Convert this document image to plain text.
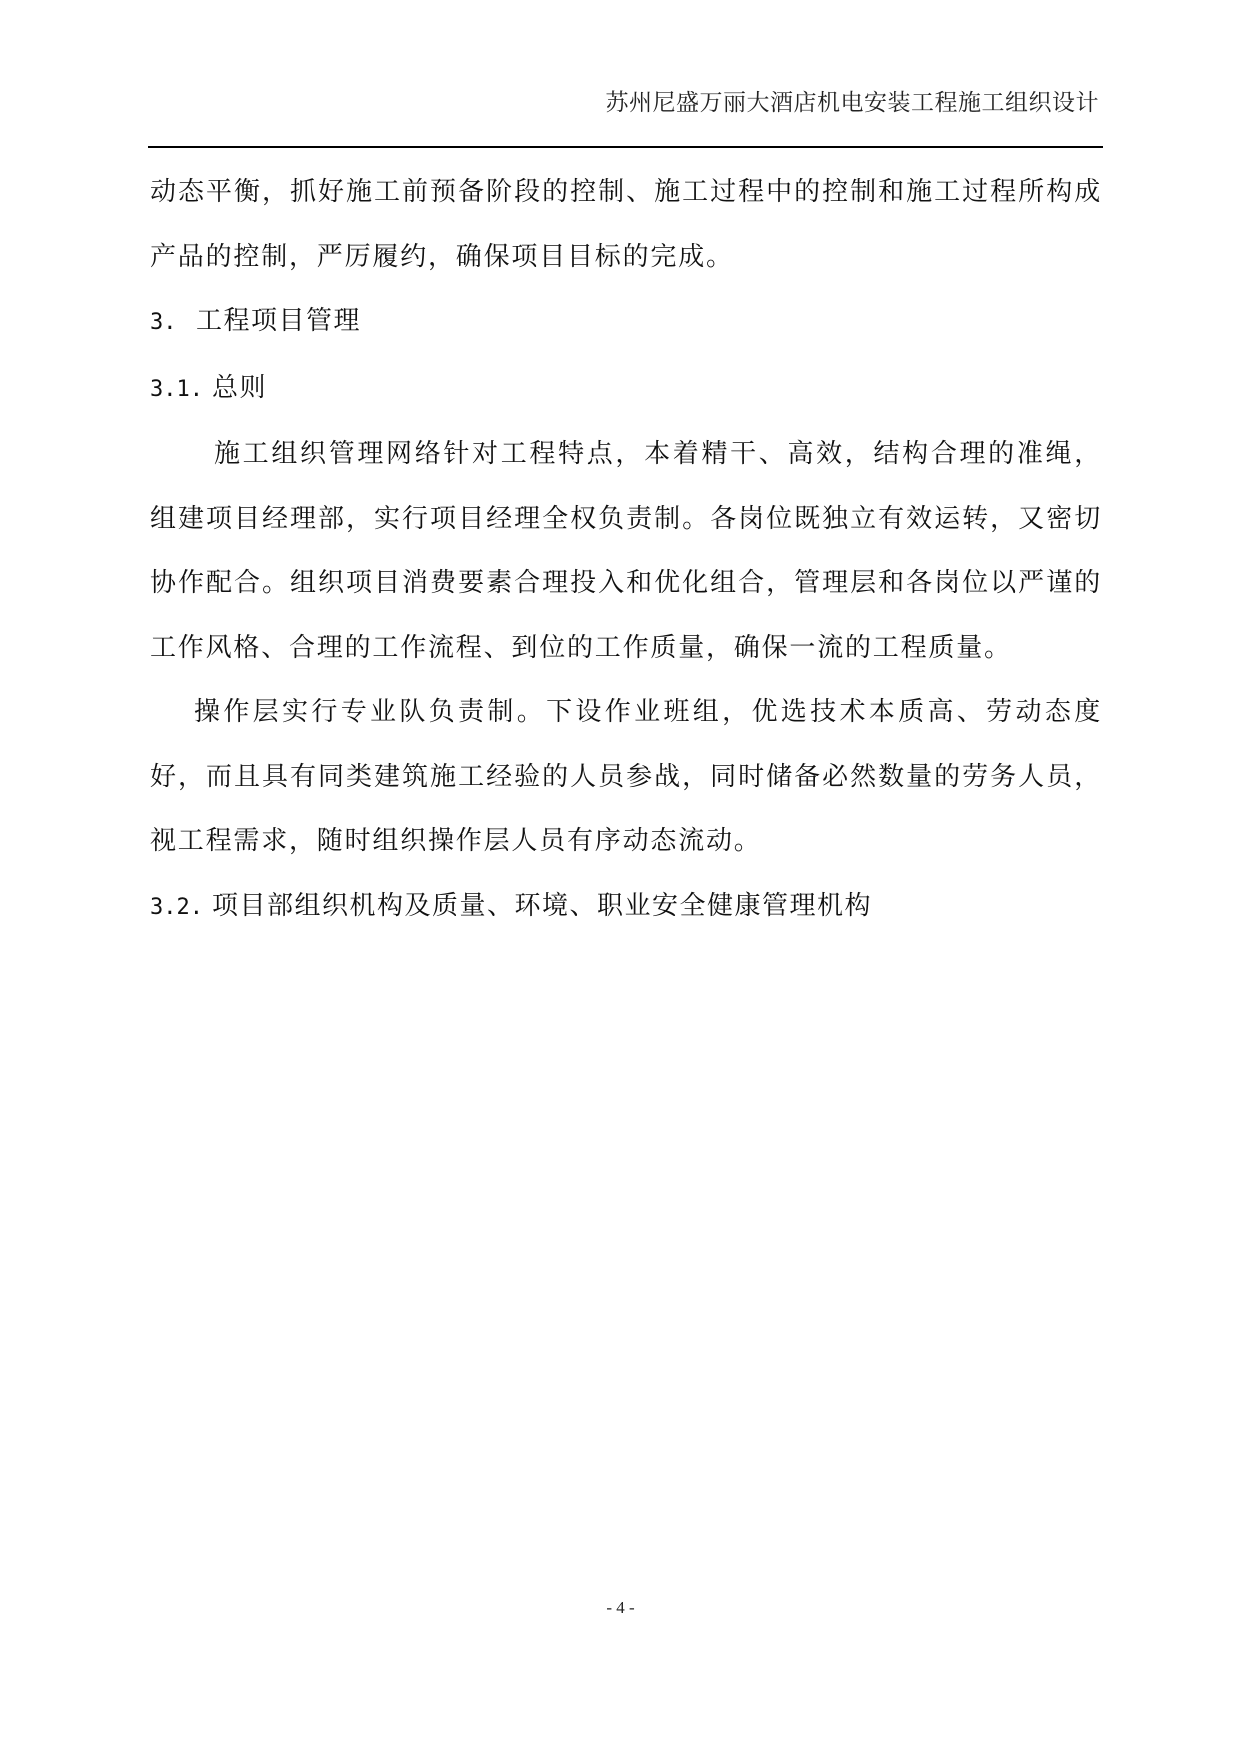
苏州尼盛万丽大酒店机电安装工程施工组织设计

动态平衡，抓好施工前预备阶段的控制、施工过程中的控制和施工过程所构成产品的控制，严厉履约，确保项目目标的完成。

3. 工程项目管理
3.1. 总则

施工组织管理网络针对工程特点，本着精干、高效，结构合理的准绳，组建项目经理部，实行项目经理全权负责制。各岗位既独立有效运转，又密切协作配合。组织项目消费要素合理投入和优化组合，管理层和各岗位以严谨的工作风格、合理的工作流程、到位的工作质量，确保一流的工程质量。

操作层实行专业队负责制。下设作业班组，优选技术本质高、劳动态度好，而且具有同类建筑施工经验的人员参战，同时储备必然数量的劳务人员，视工程需求，随时组织操作层人员有序动态流动。

3.2. 项目部组织机构及质量、环境、职业安全健康管理机构
- 4 -
